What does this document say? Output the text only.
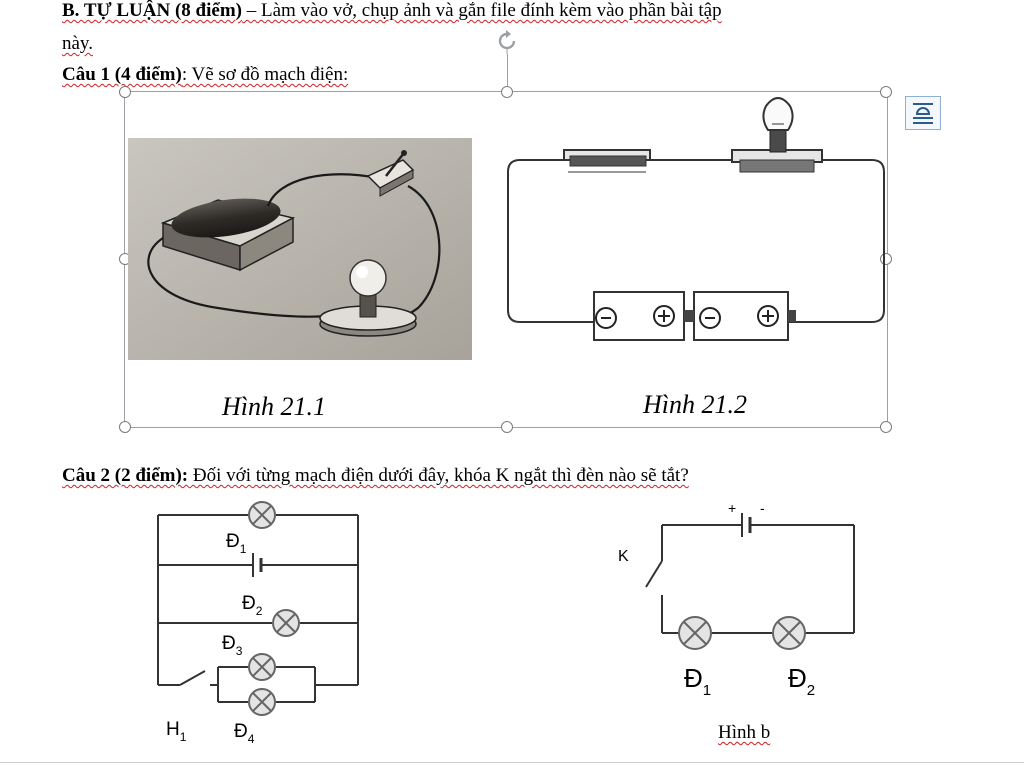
B. TỰ LUẬN (8 điểm) – Làm vào vở, chụp ảnh và gắn file đính kèm vào phần bài tập
này.
Câu 1 (4 điểm): Vẽ sơ đồ mạch điện:
Hình 21.1	Hình 21.2
Câu 2 (2 điểm): Đối với từng mạch điện dưới đây, khóa K ngắt thì đèn nào sẽ tắt?
$Đ_1$
$Đ_2$
$Đ_3$
$H_1$	$Đ_4$
+ -
K
$Đ_1$	$Đ_2$
Hình b
